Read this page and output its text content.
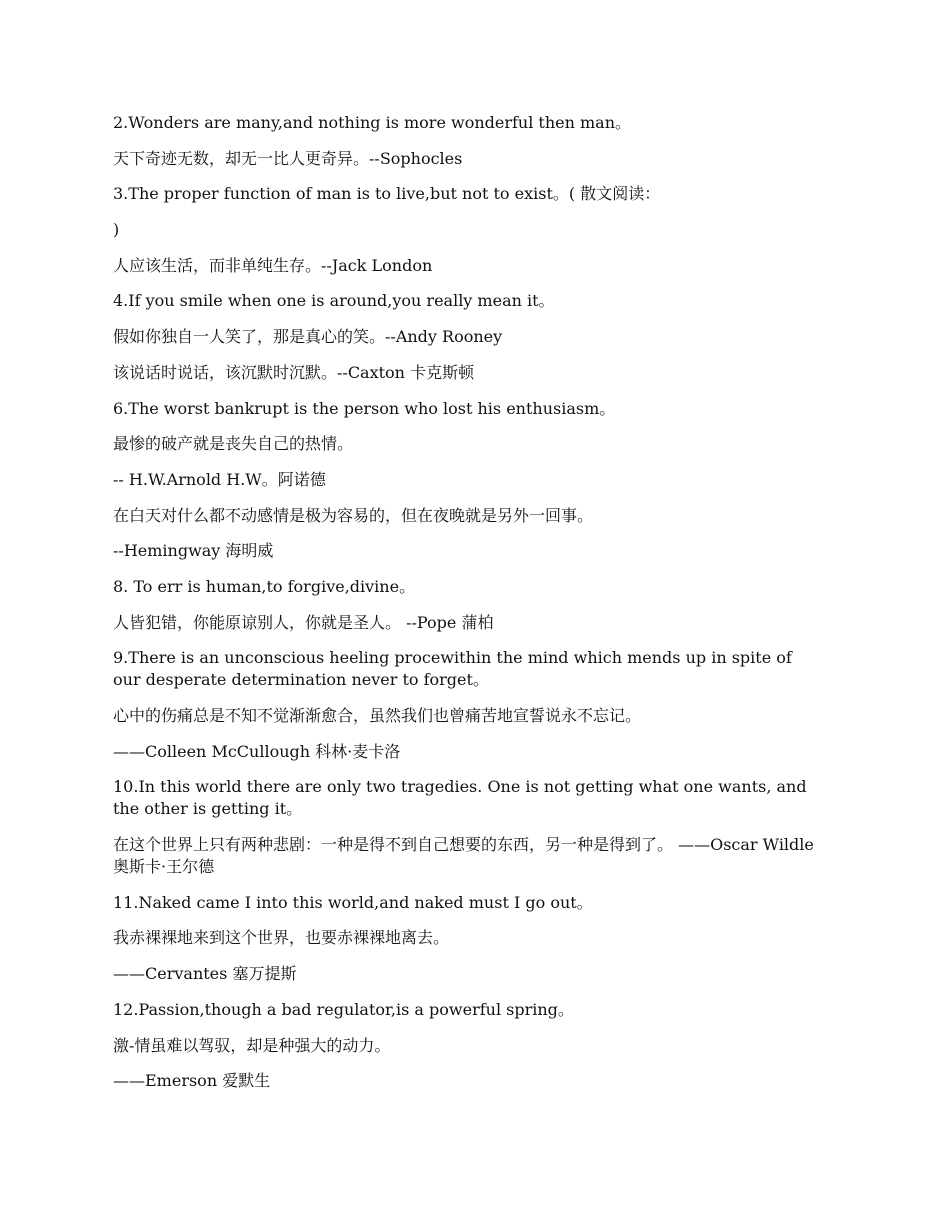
2.Wonders are many,and nothing is more wonderful then man。

天下奇迹无数，却无一比人更奇异。--Sophocles

3.The proper function of man is to live,but not to exist。( 散文阅读：

)

人应该生活，而非单纯生存。--Jack London

4.If you smile when one is around,you really mean it。

假如你独自一人笑了，那是真心的笑。--Andy Rooney

该说话时说话，该沉默时沉默。--Caxton 卡克斯顿

6.The worst bankrupt is the person who lost his enthusiasm。

最惨的破产就是丧失自己的热情。

-- H.W.Arnold H.W。阿诺德

在白天对什么都不动感情是极为容易的，但在夜晚就是另外一回事。

--Hemingway 海明威

8. To err is human,to forgive,divine。

人皆犯错，你能原谅别人，你就是圣人。 --Pope 蒲柏

9.There is an unconscious heeling procewithin the mind which mends up in spite of our desperate determination never to forget。

心中的伤痛总是不知不觉渐渐愈合，虽然我们也曾痛苦地宣誓说永不忘记。

——Colleen McCullough 科林·麦卡洛

10.In this world there are only two tragedies. One is not getting what one wants, and the other is getting it。

在这个世界上只有两种悲剧：一种是得不到自己想要的东西，另一种是得到了。 ——Oscar Wildle 奥斯卡·王尔德

11.Naked came I into this world,and naked must I go out。

我赤裸裸地来到这个世界，也要赤裸裸地离去。

——Cervantes 塞万提斯

12.Passion,though a bad regulator,is a powerful spring。

激-情虽难以驾驭，却是种强大的动力。

——Emerson 爱默生
